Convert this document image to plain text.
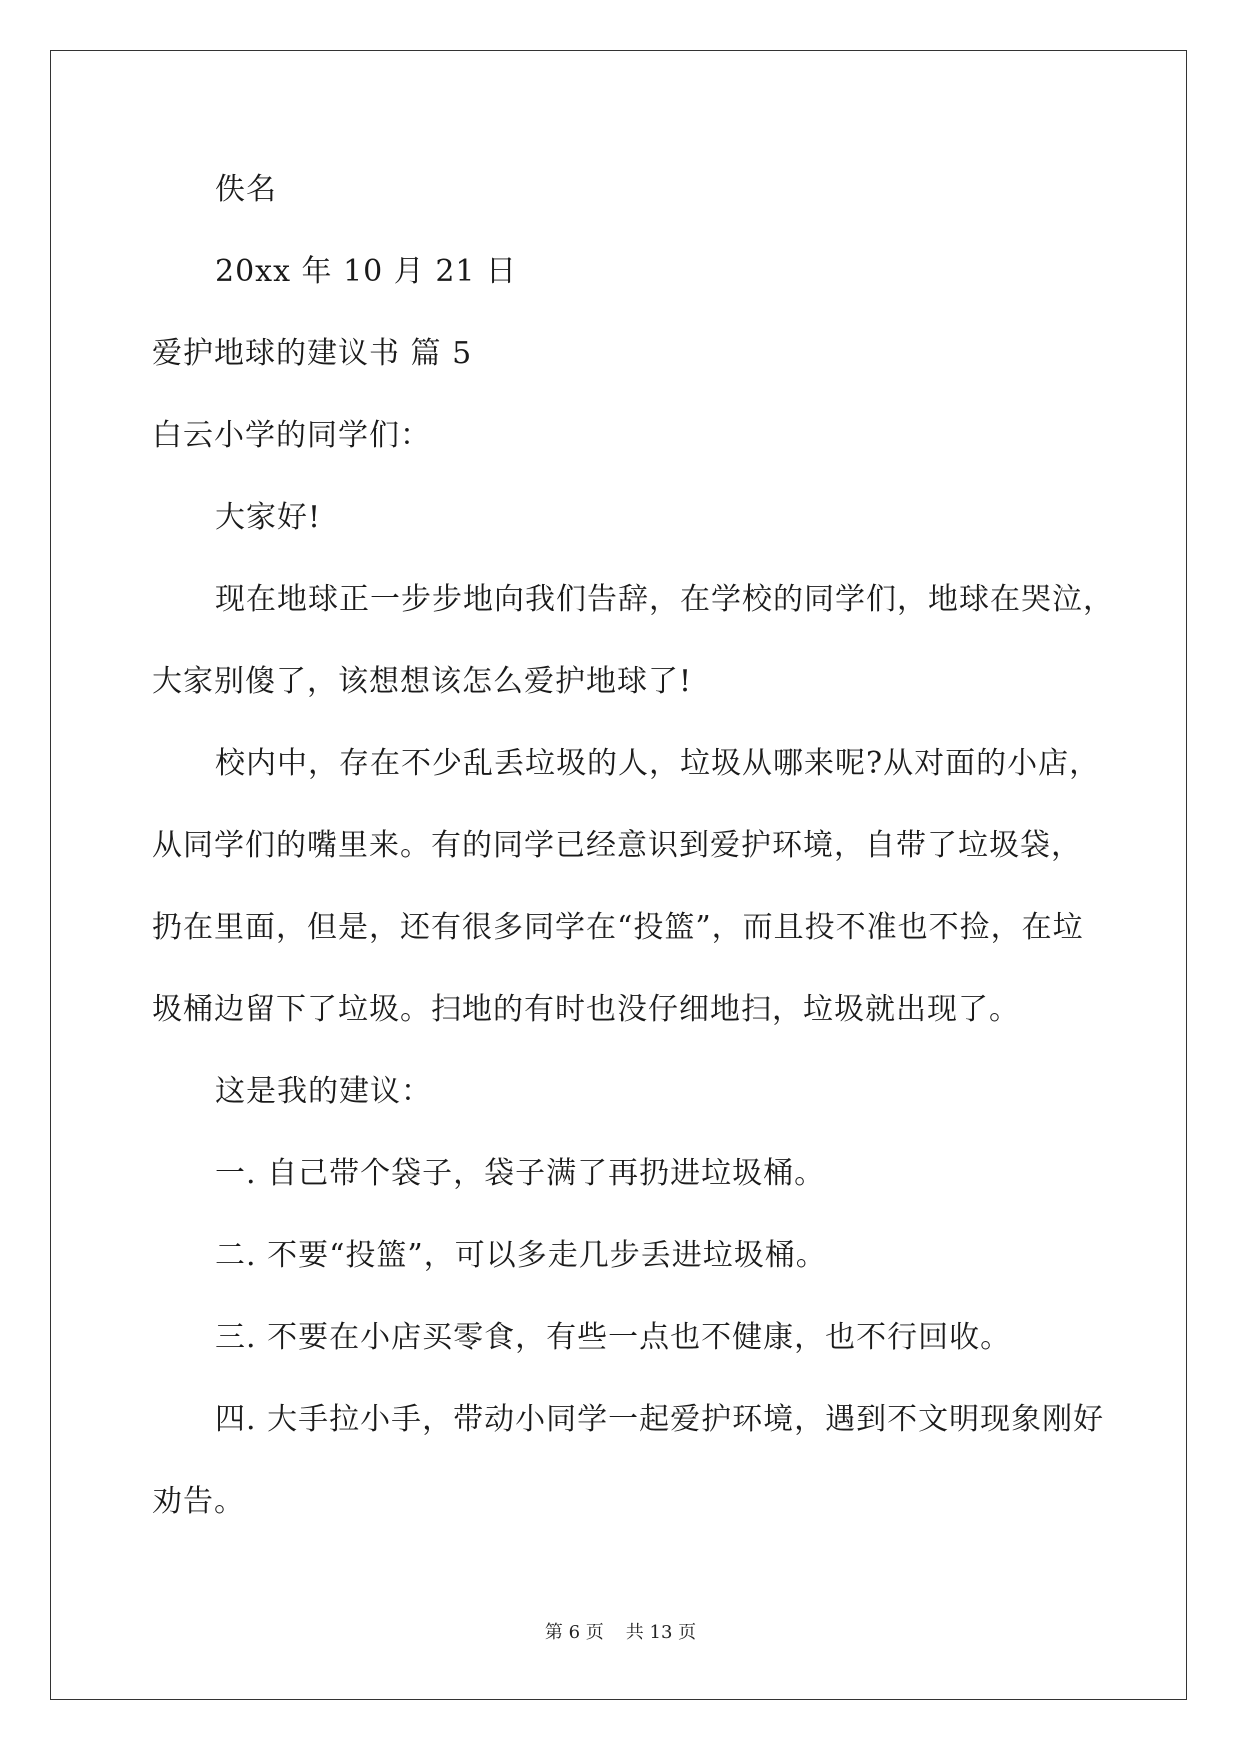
佚名
20xx 年 10 月 21 日
爱护地球的建议书 篇 5
白云小学的同学们：
大家好!
现在地球正一步步地向我们告辞，在学校的同学们，地球在哭泣，
大家别傻了，该想想该怎么爱护地球了!
校内中，存在不少乱丢垃圾的人，垃圾从哪来呢?从对面的小店，
从同学们的嘴里来。有的同学已经意识到爱护环境，自带了垃圾袋，
扔在里面，但是，还有很多同学在“投篮”，而且投不准也不捡，在垃
圾桶边留下了垃圾。扫地的有时也没仔细地扫，垃圾就出现了。
这是我的建议：
一. 自己带个袋子，袋子满了再扔进垃圾桶。
二. 不要“投篮”，可以多走几步丢进垃圾桶。
三. 不要在小店买零食，有些一点也不健康，也不行回收。
四. 大手拉小手，带动小同学一起爱护环境，遇到不文明现象刚好
劝告。
第 6 页 共 13 页
